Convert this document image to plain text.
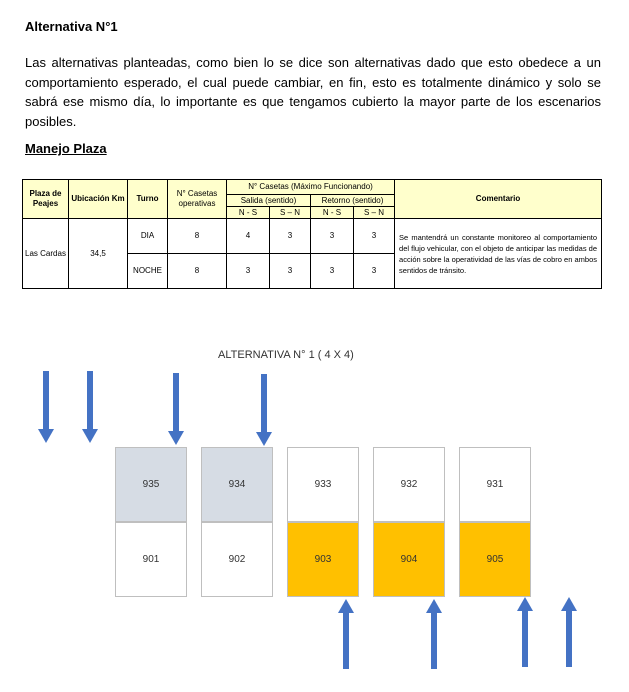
Alternativa N°1
Las alternativas planteadas, como bien lo se dice son alternativas dado que esto obedece a un comportamiento esperado, el cual puede cambiar, en fin, esto es totalmente dinámico y solo se sabrá ese mismo día, lo importante es que tengamos cubierto la mayor parte de los escenarios posibles.
Manejo Plaza
Plaza de Peajes	Ubicación Km	Turno	N° Casetas operativas	N° Casetas (Máximo Funcionando)				Comentario
				Salida (sentido)		Retorno (sentido)		
				N - S	S – N	N - S	S – N	
Las Cardas	34,5	DIA	8	4	3	3	3	Se mantendrá un constante monitoreo al comportamiento del flujo vehicular, con el objeto de anticipar las medidas de acción sobre la operatividad de las vías de cobro en ambos sentidos de tránsito.
		NOCHE	8	3	3	3	3	
ALTERNATIVA N° 1 ( 4 X 4)
935	934	933	932	931
901	902	903	904	905
